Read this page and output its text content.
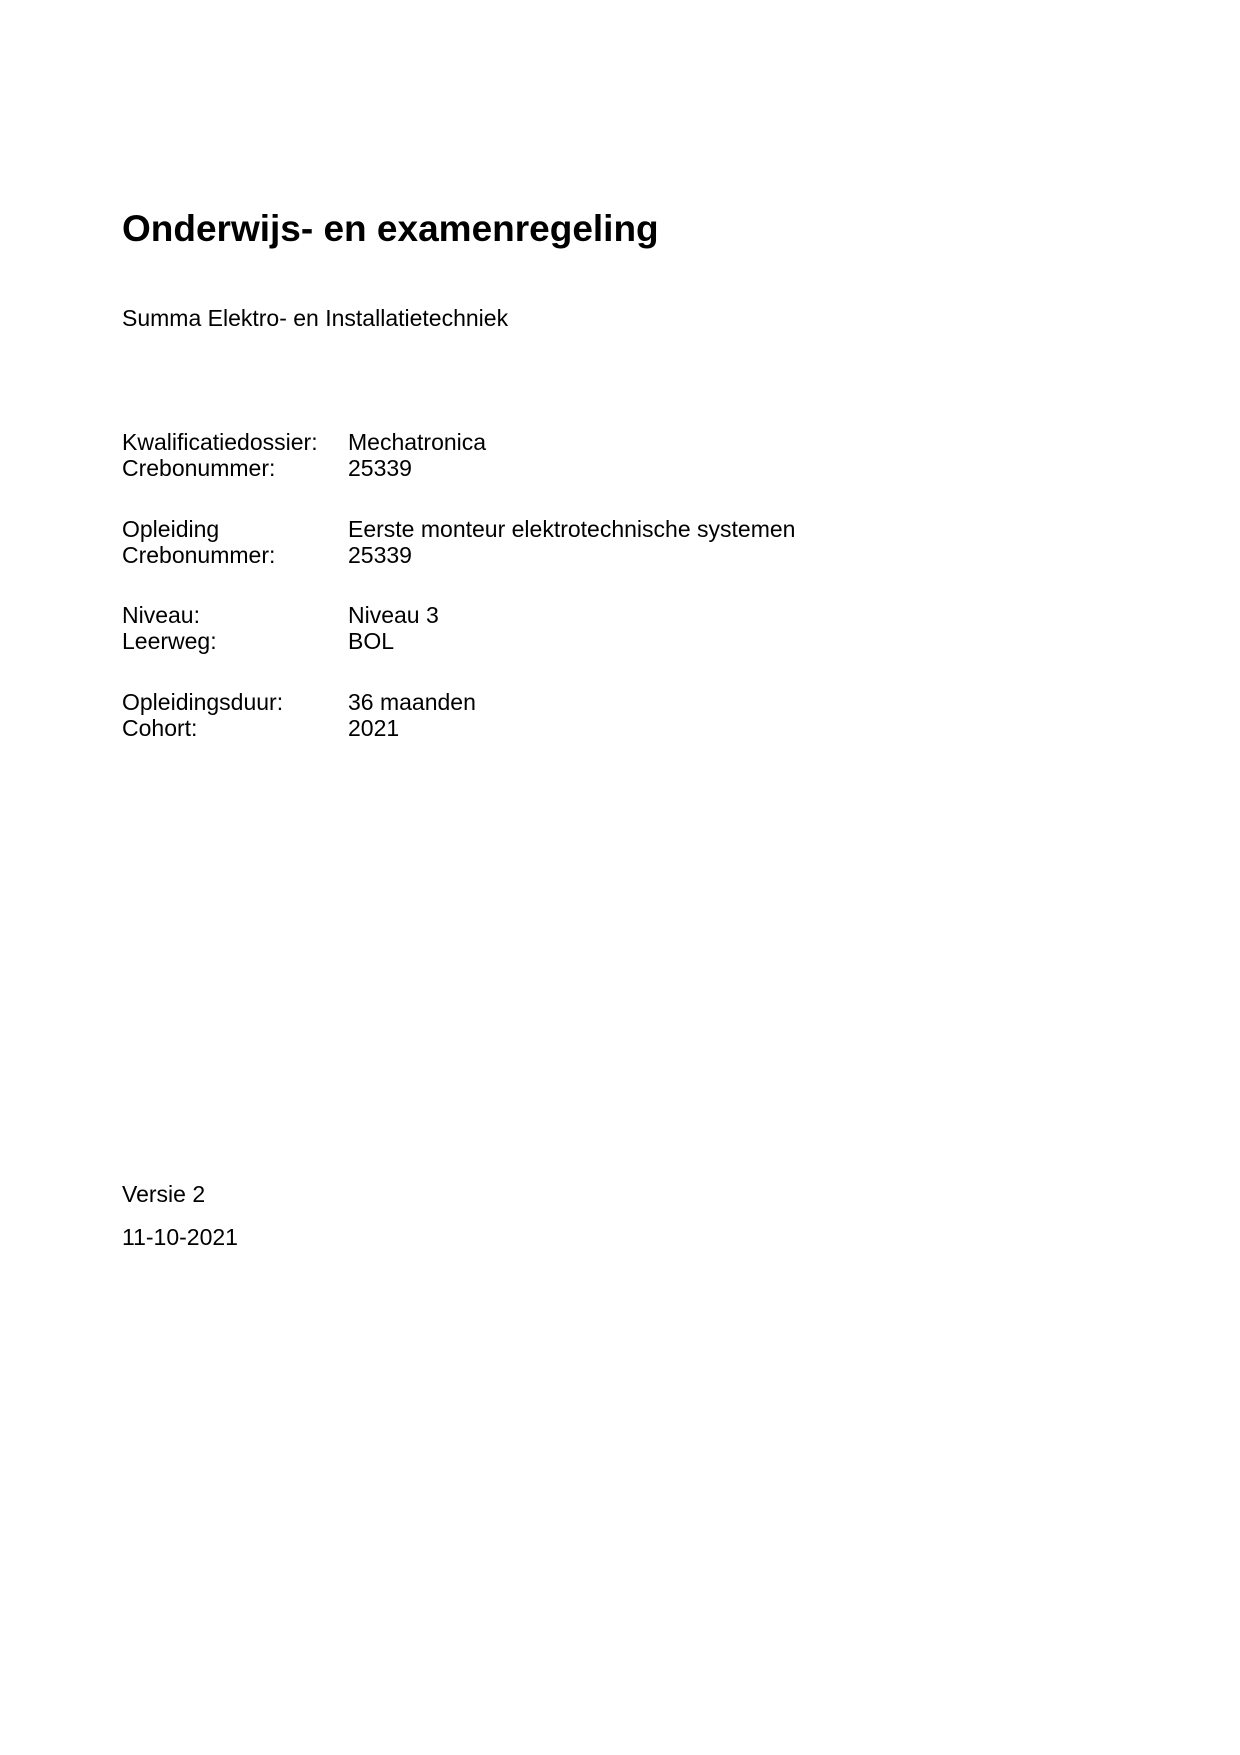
Onderwijs- en examenregeling
Summa Elektro- en Installatietechniek
Kwalificatiedossier:	Mechatronica
Crebonummer:	25339
Opleiding	Eerste monteur elektrotechnische systemen
Crebonummer:	25339
Niveau:	Niveau 3
Leerweg:	BOL
Opleidingsduur:	36 maanden
Cohort:	2021
Versie 2
11-10-2021
